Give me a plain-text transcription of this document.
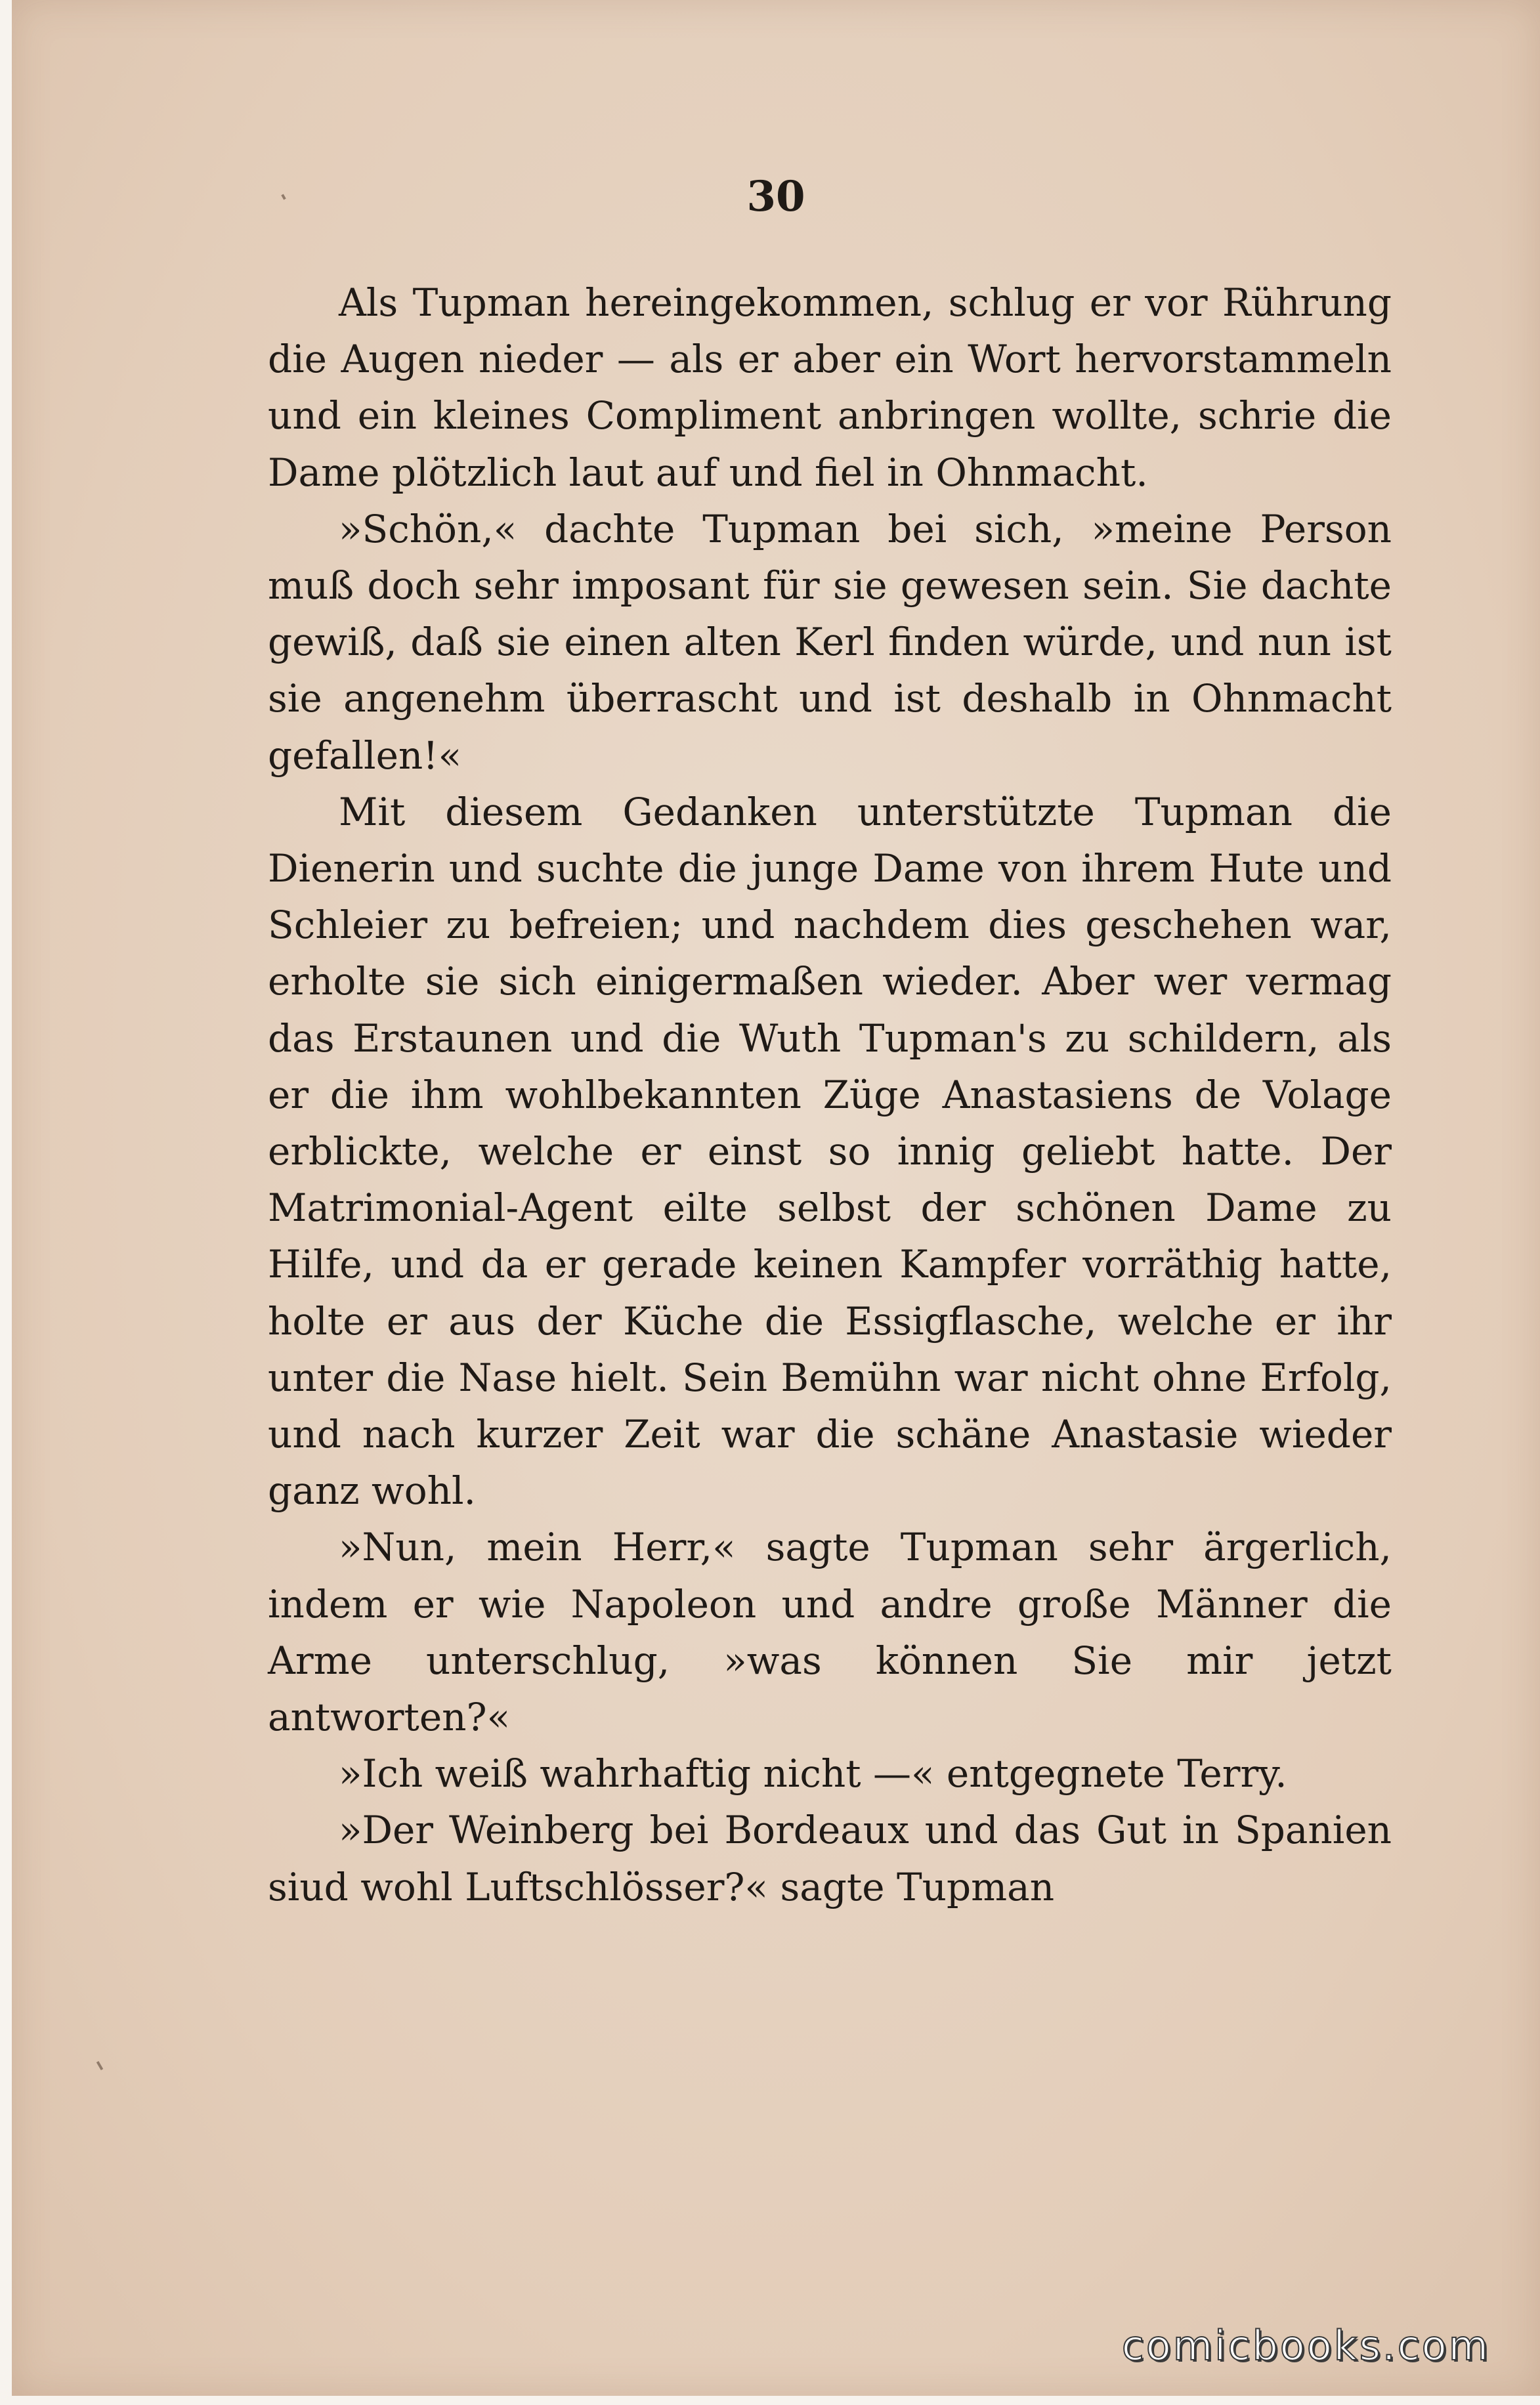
30

Als Tupman hereingekommen, schlug er vor Rührung die Augen nieder — als er aber ein Wort hervorstammeln und ein kleines Compliment anbringen wollte, schrie die Dame plötzlich laut auf und fiel in Ohnmacht.

»Schön,« dachte Tupman bei sich, »meine Person muß doch sehr imposant für sie gewesen sein. Sie dachte gewiß, daß sie einen alten Kerl finden würde, und nun ist sie angenehm überrascht und ist deshalb in Ohnmacht gefallen!«

Mit diesem Gedanken unterstützte Tupman die Dienerin und suchte die junge Dame von ihrem Hute und Schleier zu befreien; und nachdem dies geschehen war, erholte sie sich einigermaßen wieder. Aber wer vermag das Erstaunen und die Wuth Tupman's zu schildern, als er die ihm wohlbekannten Züge Anastasiens de Volage erblickte, welche er einst so innig geliebt hatte. Der Matrimonial-Agent eilte selbst der schönen Dame zu Hilfe, und da er gerade keinen Kampfer vorräthig hatte, holte er aus der Küche die Essigflasche, welche er ihr unter die Nase hielt. Sein Bemühn war nicht ohne Erfolg, und nach kurzer Zeit war die schäne Anastasie wieder ganz wohl.

»Nun, mein Herr,« sagte Tupman sehr ärgerlich, indem er wie Napoleon und andre große Männer die Arme unterschlug, »was können Sie mir jetzt antworten?«

»Ich weiß wahrhaftig nicht —« entgegnete Terry.

»Der Weinberg bei Bordeaux und das Gut in Spanien siud wohl Luftschlösser?« sagte Tupman

comicbooks.com
